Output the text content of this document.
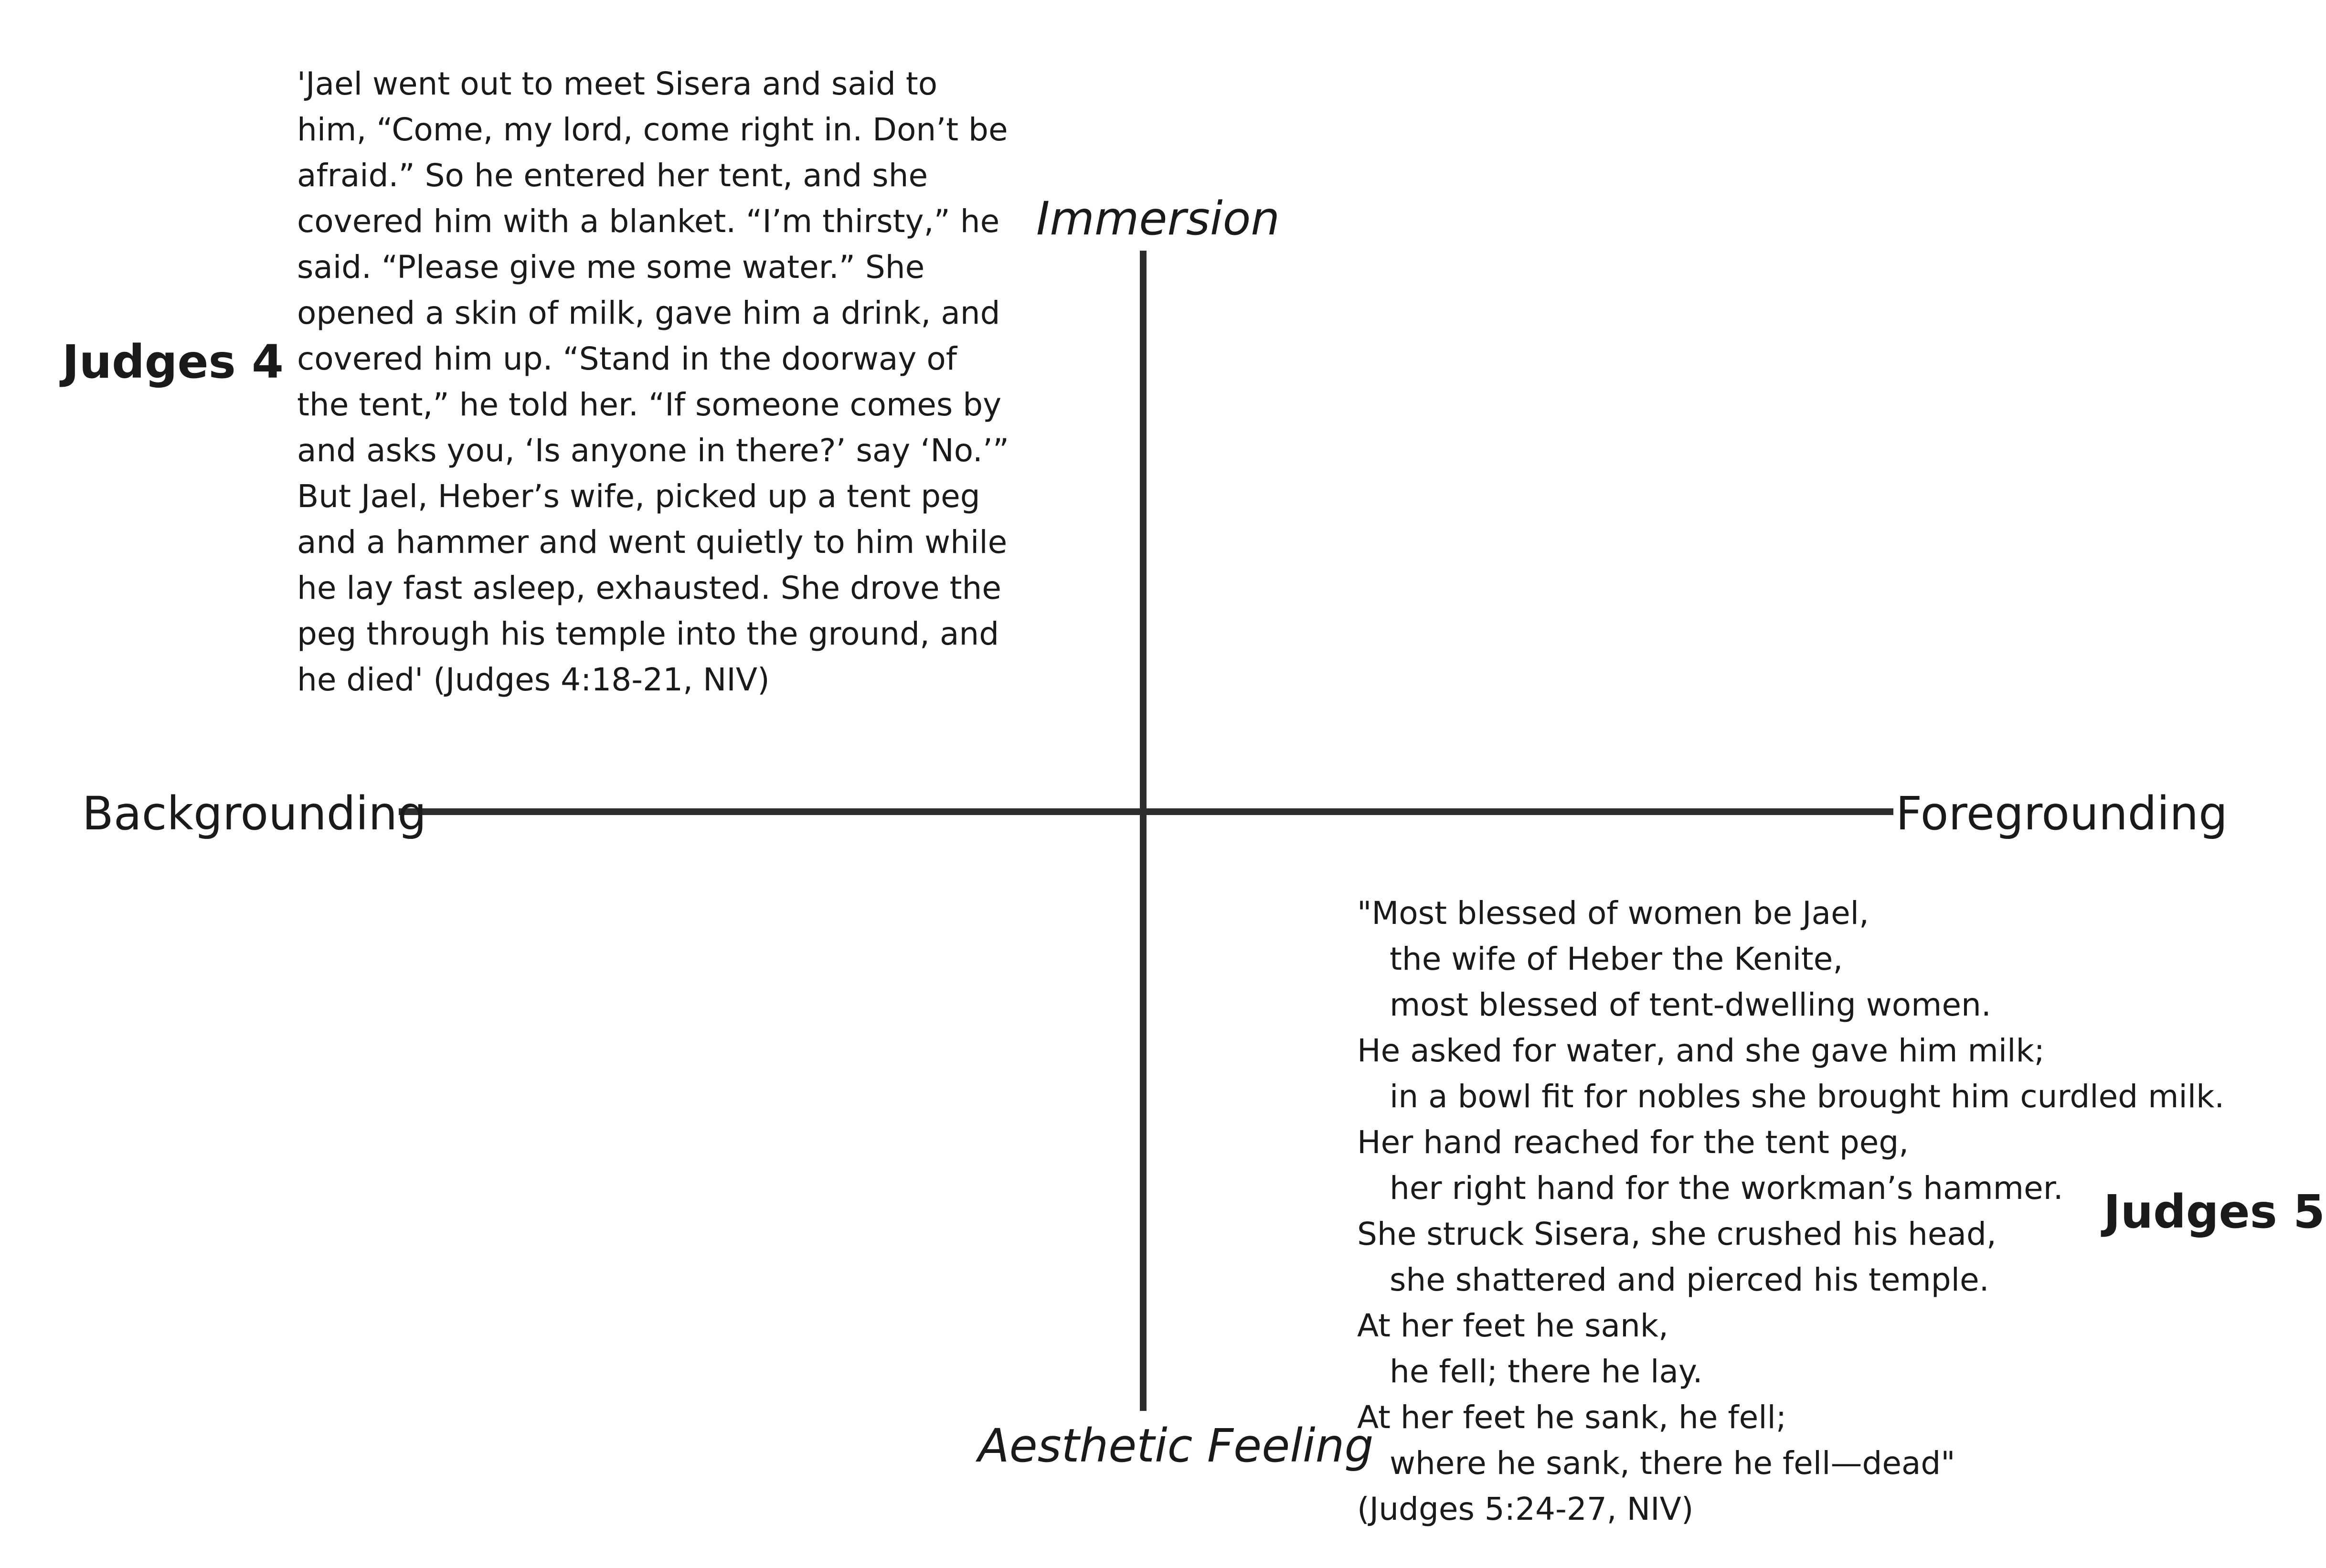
Backgrounding	Foregrounding
Immersion
Aesthetic Feeling
Judges 4
Judges 5
'Jael went out to meet Sisera and said to
him, “Come, my lord, come right in. Don’t be
afraid.” So he entered her tent, and she
covered him with a blanket. “I’m thirsty,” he
said. “Please give me some water.” She
opened a skin of milk, gave him a drink, and
covered him up. “Stand in the doorway of
the tent,” he told her. “If someone comes by
and asks you, ‘Is anyone in there?’ say ‘No.’”
But Jael, Heber’s wife, picked up a tent peg
and a hammer and went quietly to him while
he lay fast asleep, exhausted. She drove the
peg through his temple into the ground, and
he died' (Judges 4:18-21, NIV)
"Most blessed of women be Jael,
the wife of Heber the Kenite,
most blessed of tent-dwelling women.
He asked for water, and she gave him milk;
in a bowl fit for nobles she brought him curdled milk.
Her hand reached for the tent peg,
her right hand for the workman’s hammer.
She struck Sisera, she crushed his head,
she shattered and pierced his temple.
At her feet he sank,
he fell; there he lay.
At her feet he sank, he fell;
where he sank, there he fell—dead"
(Judges 5:24-27, NIV)
